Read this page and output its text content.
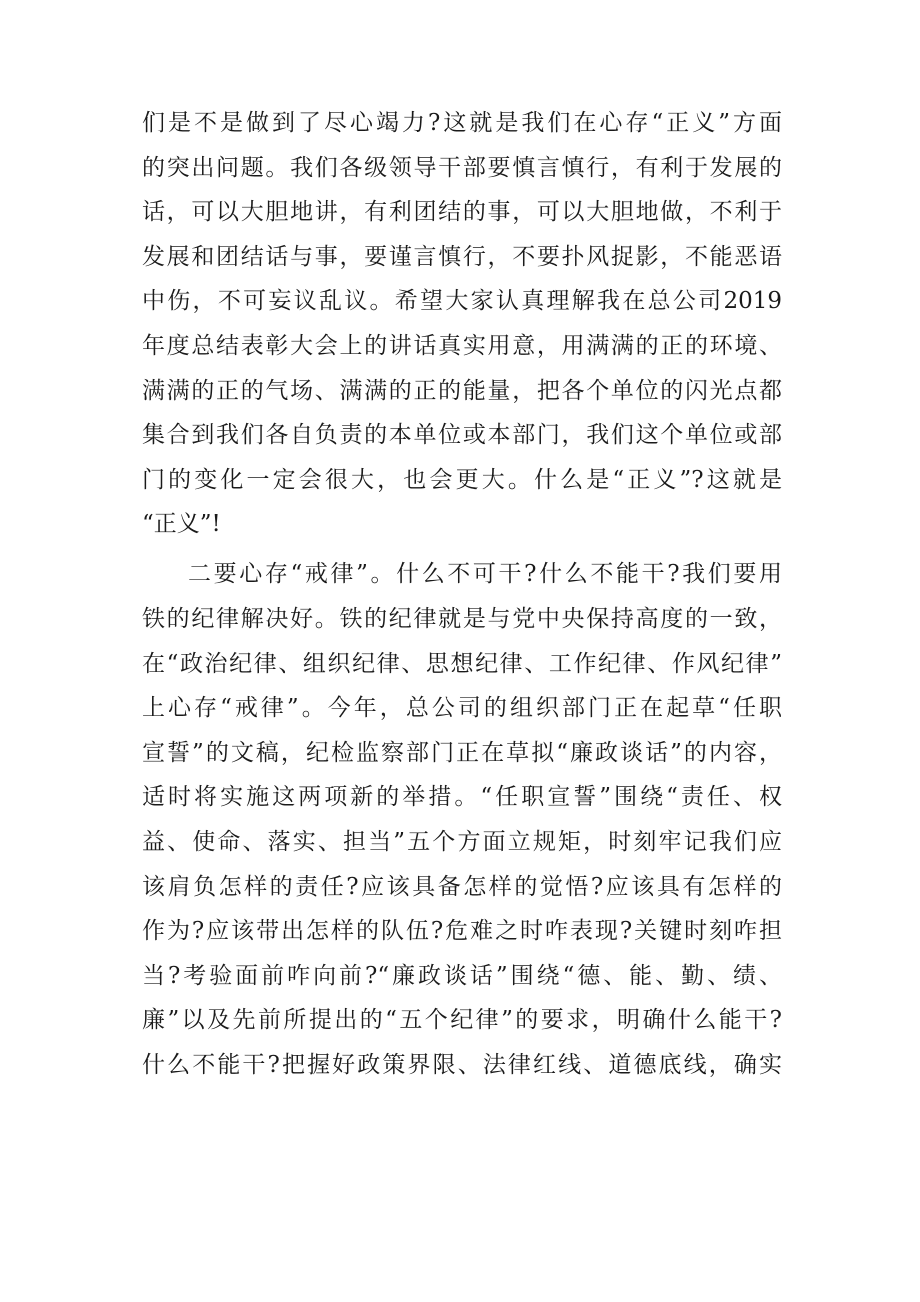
们是不是做到了尽心竭力?这就是我们在心存“正义”方面
的突出问题。我们各级领导干部要慎言慎行，有利于发展的
话，可以大胆地讲，有利团结的事，可以大胆地做，不利于
发展和团结话与事，要谨言慎行，不要扑风捉影，不能恶语
中伤，不可妄议乱议。希望大家认真理解我在总公司2019
年度总结表彰大会上的讲话真实用意，用满满的正的环境、
满满的正的气场、满满的正的能量，把各个单位的闪光点都
集合到我们各自负责的本单位或本部门，我们这个单位或部
门的变化一定会很大，也会更大。什么是“正义”?这就是
“正义”!
二要心存“戒律”。什么不可干?什么不能干?我们要用
铁的纪律解决好。铁的纪律就是与党中央保持高度的一致，
在“政治纪律、组织纪律、思想纪律、工作纪律、作风纪律”
上心存“戒律”。今年，总公司的组织部门正在起草“任职
宣誓”的文稿，纪检监察部门正在草拟“廉政谈话”的内容，
适时将实施这两项新的举措。“任职宣誓”围绕“责任、权
益、使命、落实、担当”五个方面立规矩，时刻牢记我们应
该肩负怎样的责任?应该具备怎样的觉悟?应该具有怎样的
作为?应该带出怎样的队伍?危难之时咋表现?关键时刻咋担
当?考验面前咋向前?“廉政谈话”围绕“德、能、勤、绩、
廉”以及先前所提出的“五个纪律”的要求，明确什么能干?
什么不能干?把握好政策界限、法律红线、道德底线，确实
